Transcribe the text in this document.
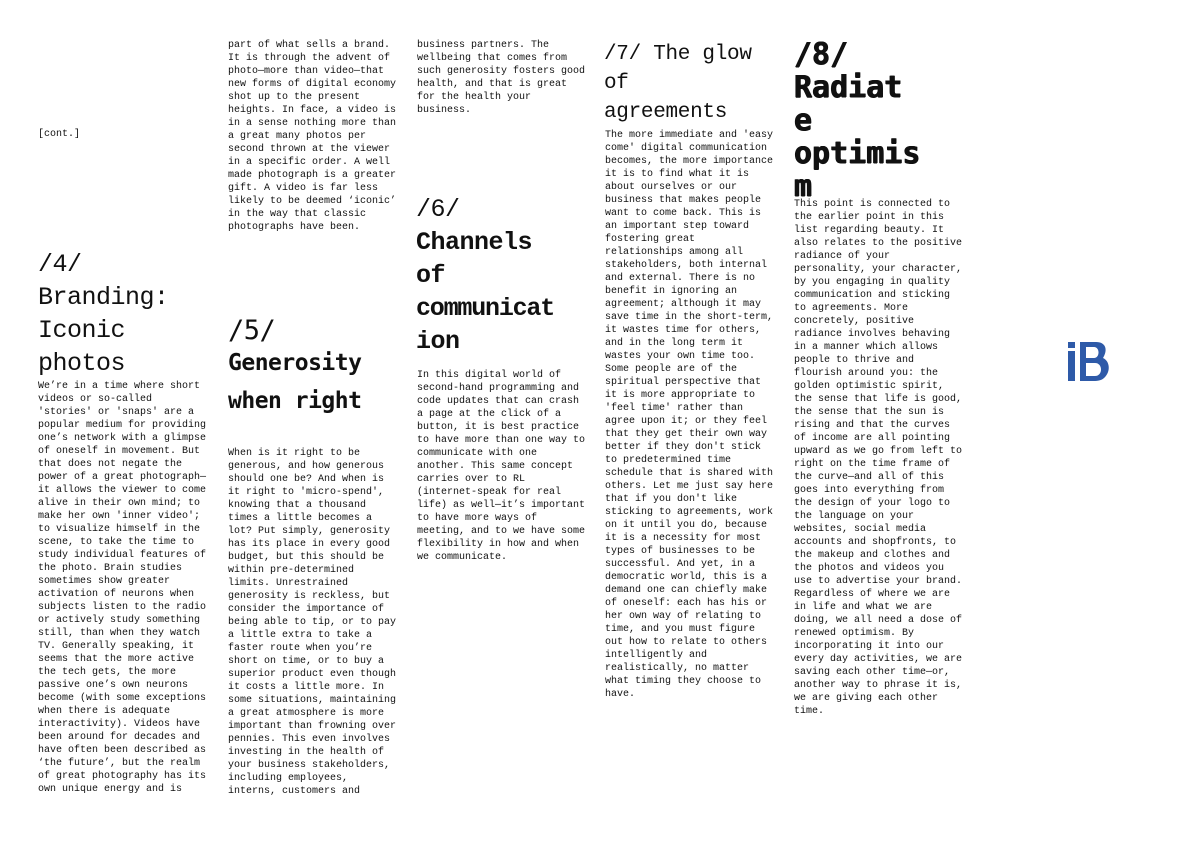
[cont.]
/4/
Branding:
Iconic
photos

We’re in a time where short videos or so-called 'stories' or 'snaps' are a popular medium for providing one’s network with a glimpse of oneself in movement. But that does not negate the power of a great photograph—it allows the viewer to come alive in their own mind; to make her own 'inner video'; to visualize himself in the scene, to take the time to study individual features of the photo. Brain studies sometimes show greater activation of neurons when subjects listen to the radio or actively study something still, than when they watch TV. Generally speaking, it seems that the more active the tech gets, the more passive one’s own neurons become (with some exceptions when there is adequate interactivity). Videos have been around for decades and have often been described as ‘the future’, but the realm of great photography has its own unique energy and is

part of what sells a brand. It is through the advent of photo—more than video—that new forms of digital economy shot up to the present heights. In face, a video is in a sense nothing more than a great many photos per second thrown at the viewer in a specific order. A well made photograph is a greater gift. A video is far less likely to be deemed ‘iconic’ in the way that classic photographs have been.

/5/
Generosity
when right

When is it right to be generous, and how generous should one be? And when is it right to 'micro-spend', knowing that a thousand times a little becomes a lot? Put simply, generosity has its place in every good budget, but this should be within pre-determined limits. Unrestrained generosity is reckless, but consider the importance of being able to tip, or to pay a little extra to take a faster route when you’re short on time, or to buy a superior product even though it costs a little more. In some situations, maintaining a great atmosphere is more important than frowning over pennies. This even involves investing in the health of your business stakeholders, including employees, interns, customers and

business partners. The wellbeing that comes from such generosity fosters good health, and that is great for the health your business.

/6/
Channels
of
communicat
ion

In this digital world of second-hand programming and code updates that can crash a page at the click of a button, it is best practice to have more than one way to communicate with one another. This same concept carries over to RL (internet-speak for real life) as well—it’s important to have more ways of meeting, and to we have some flexibility in how and when we communicate.

/7/ The glow
of
agreements

The more immediate and 'easy come' digital communication becomes, the more importance it is to find what it is about ourselves or our business that makes people want to come back. This is an important step toward fostering great relationships among all stakeholders, both internal and external. There is no benefit in ignoring an agreement; although it may save time in the short-term, it wastes time for others, and in the long term it wastes your own time too. Some people are of the spiritual perspective that it is more appropriate to 'feel time' rather than agree upon it; or they feel that they get their own way better if they don't stick to predetermined time schedule that is shared with others. Let me just say here that if you don't like sticking to agreements, work on it until you do, because it is a necessity for most types of businesses to be successful. And yet, in a democratic world, this is a demand one can chiefly make of oneself: each has his or her own way of relating to time, and you must figure out how to relate to others intelligently and realistically, no matter what timing they choose to have.

/8/
Radiat
e
optimis
m

This point is connected to the earlier point in this list regarding beauty. It also relates to the positive radiance of your personality, your character, by you engaging in quality communication and sticking to agreements. More concretely, positive radiance involves behaving in a manner which allows people to thrive and flourish around you: the golden optimistic spirit, the sense that life is good, the sense that the sun is rising and that the curves of income are all pointing upward as we go from left to right on the time frame of the curve—and all of this goes into everything from the design of your logo to the language on your websites, social media accounts and shopfronts, to the makeup and clothes and the photos and videos you use to advertise your brand. Regardless of where we are in life and what we are doing, we all need a dose of renewed optimism. By incorporating it into our every day activities, we are saving each other time—or, another way to phrase it is, we are giving each other time.

iB
